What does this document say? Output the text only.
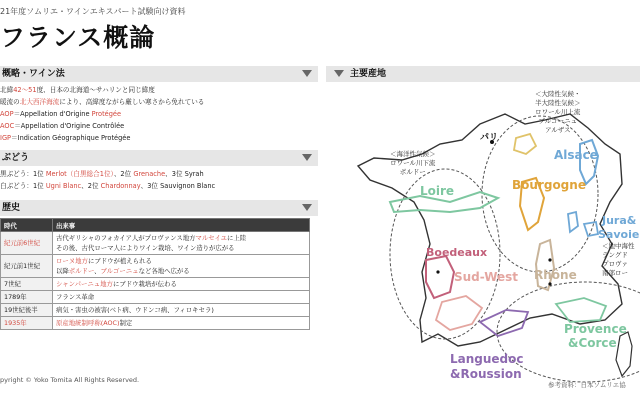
21年度ソムリエ・ワインエキスパート試験向け資料
フランス概論
概略・ワイン法
北緯42～51度、日本の北海道～サハリンと同じ緯度
暖流の北大西洋海流により、高緯度ながら厳しい寒さから免れている
AOP＝Appellation d'Origine Protégée
AOC＝Appellation d'Origine Contrôlée
IGP＝Indication Géographique Protégée
ぶどう
黒ぶどう：1位 Merlot（白黒総合1位）、2位 Grenache、3位 Syrah
白ぶどう：1位 Ugni Blanc、2位 Chardonnay、3位 Sauvignon Blanc
歴史
時代	出来事
紀元前6世紀	古代ギリシャのフォカイア人がプロヴァンス地方マルセイユに上陸
その後、古代ローマ人によりワイン栽培、ワイン造りが広がる

紀元前1世紀	ローヌ地方にブドウが植えられる
以降ボルドー、ブルゴーニュなど各地へ広がる

7世紀	シャンパーニュ地方にブドウ栽培が伝わる
1789年	フランス革命
19世紀後半	病気・害虫の被害(ベト病、ウドンコ病、フィロキセラ)
1935年	原産地統制呼称(AOC)制定
主要産地
＜大陸性気候・
半大陸性気候＞
ロワール川上流
ブルゴーニュ
アルザス
＜海洋性気候＞
ロワール川下流
ボルドー
＜地中海性
ラングド
プロヴァ
南部ロー
パリ
Alsace
Bourgogne
Loire
Jura&
Savoie
Boedeaux
Sud-West Rhône
Provence
&Corce
Languedoc
&Roussion
pyright © Yoko Tomita All Rights Reserved.
参考資料：日本ソムリエ協
